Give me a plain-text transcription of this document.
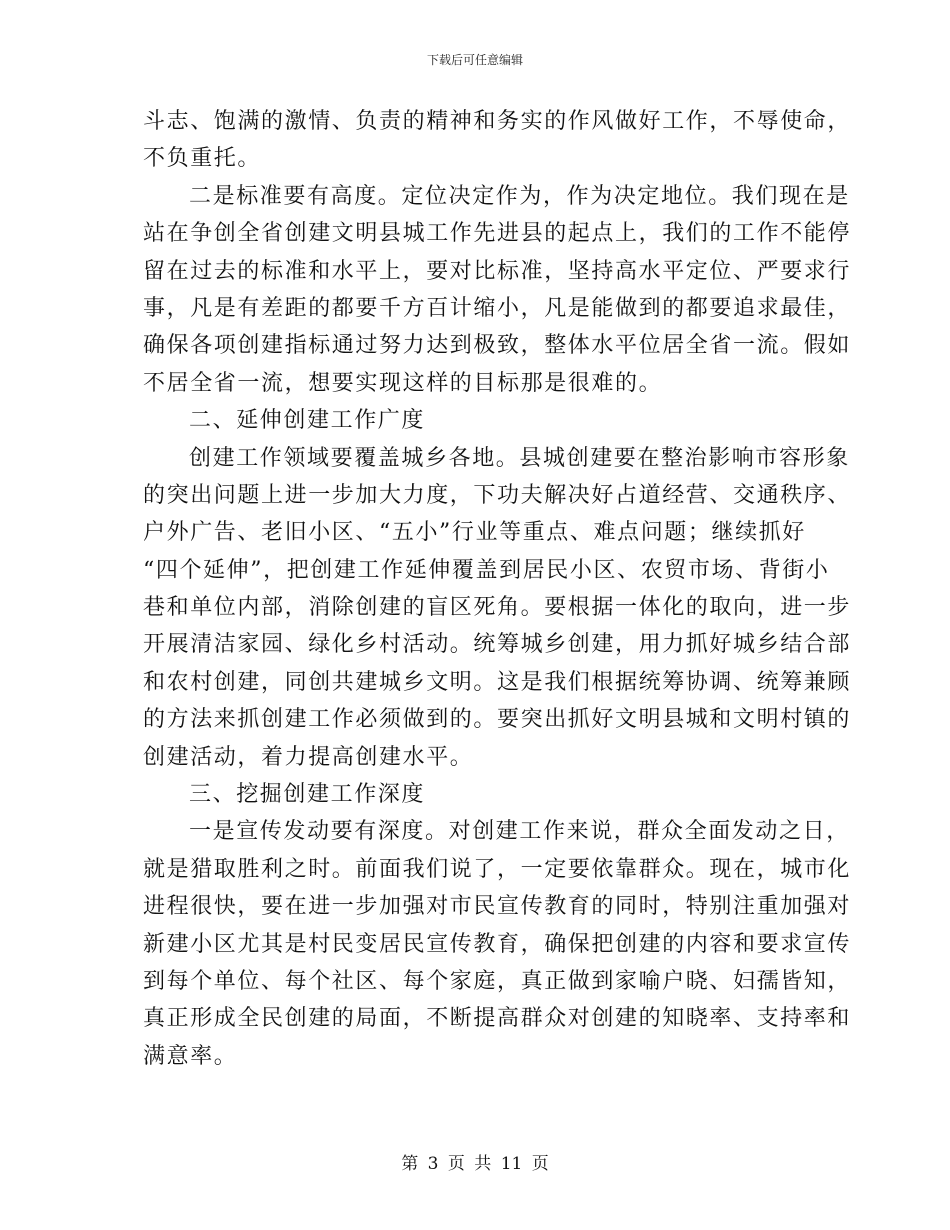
下载后可任意编辑
斗志、饱满的激情、负责的精神和务实的作风做好工作，不辱使命，
不负重托。
二是标准要有高度。定位决定作为，作为决定地位。我们现在是
站在争创全省创建文明县城工作先进县的起点上，我们的工作不能停
留在过去的标准和水平上，要对比标准，坚持高水平定位、严要求行
事，凡是有差距的都要千方百计缩小，凡是能做到的都要追求最佳，
确保各项创建指标通过努力达到极致，整体水平位居全省一流。假如
不居全省一流，想要实现这样的目标那是很难的。
二、延伸创建工作广度
创建工作领域要覆盖城乡各地。县城创建要在整治影响市容形象
的突出问题上进一步加大力度，下功夫解决好占道经营、交通秩序、
户外广告、老旧小区、“五小”行业等重点、难点问题；继续抓好
“四个延伸”，把创建工作延伸覆盖到居民小区、农贸市场、背街小
巷和单位内部，消除创建的盲区死角。要根据一体化的取向，进一步
开展清洁家园、绿化乡村活动。统筹城乡创建，用力抓好城乡结合部
和农村创建，同创共建城乡文明。这是我们根据统筹协调、统筹兼顾
的方法来抓创建工作必须做到的。要突出抓好文明县城和文明村镇的
创建活动，着力提高创建水平。
三、挖掘创建工作深度
一是宣传发动要有深度。对创建工作来说，群众全面发动之日，
就是猎取胜利之时。前面我们说了，一定要依靠群众。现在，城市化
进程很快，要在进一步加强对市民宣传教育的同时，特别注重加强对
新建小区尤其是村民变居民宣传教育，确保把创建的内容和要求宣传
到每个单位、每个社区、每个家庭，真正做到家喻户晓、妇孺皆知，
真正形成全民创建的局面，不断提高群众对创建的知晓率、支持率和
满意率。
第 3 页 共 11 页
